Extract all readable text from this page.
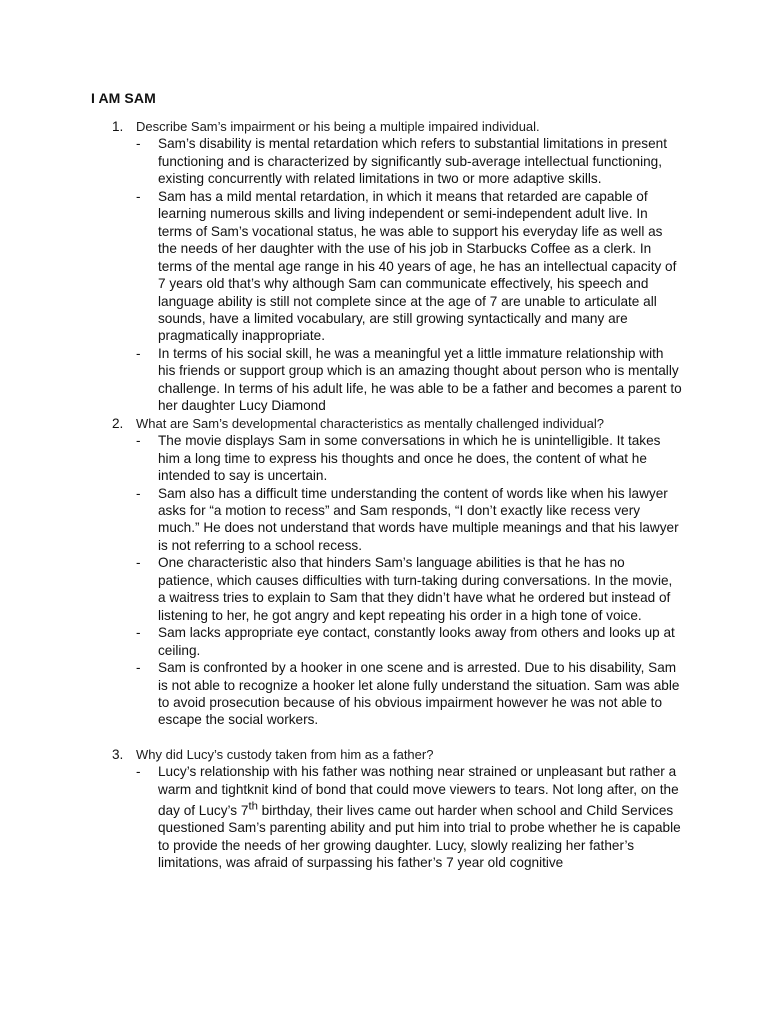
I AM SAM
1. Describe Sam’s impairment or his being a multiple impaired individual.
- Sam’s disability is mental retardation which refers to substantial limitations in present functioning and is characterized by significantly sub-average intellectual functioning, existing concurrently with related limitations in two or more adaptive skills.
- Sam has a mild mental retardation, in which it means that retarded are capable of learning numerous skills and living independent or semi-independent adult live. In terms of Sam’s vocational status, he was able to support his everyday life as well as the needs of her daughter with the use of his job in Starbucks Coffee as a clerk. In terms of the mental age range in his 40 years of age, he has an intellectual capacity of 7 years old that’s why although Sam can communicate effectively, his speech and language ability is still not complete since at the age of 7 are unable to articulate all sounds, have a limited vocabulary, are still growing syntactically and many are pragmatically inappropriate.
- In terms of his social skill, he was a meaningful yet a little immature relationship with his friends or support group which is an amazing thought about person who is mentally challenge. In terms of his adult life, he was able to be a father and becomes a parent to her daughter Lucy Diamond
2. What are Sam’s developmental characteristics as mentally challenged individual?
- The movie displays Sam in some conversations in which he is unintelligible. It takes him a long time to express his thoughts and once he does, the content of what he intended to say is uncertain.
- Sam also has a difficult time understanding the content of words like when his lawyer asks for “a motion to recess” and Sam responds, “I don’t exactly like recess very much.” He does not understand that words have multiple meanings and that his lawyer is not referring to a school recess.
- One characteristic also that hinders Sam’s language abilities is that he has no patience, which causes difficulties with turn-taking during conversations. In the movie, a waitress tries to explain to Sam that they didn’t have what he ordered but instead of listening to her, he got angry and kept repeating his order in a high tone of voice.
- Sam lacks appropriate eye contact, constantly looks away from others and looks up at ceiling.
- Sam is confronted by a hooker in one scene and is arrested. Due to his disability, Sam is not able to recognize a hooker let alone fully understand the situation. Sam was able to avoid prosecution because of his obvious impairment however he was not able to escape the social workers.
3. Why did Lucy’s custody taken from him as a father?
- Lucy’s relationship with his father was nothing near strained or unpleasant but rather a warm and tightknit kind of bond that could move viewers to tears. Not long after, on the day of Lucy’s 7th birthday, their lives came out harder when school and Child Services questioned Sam’s parenting ability and put him into trial to probe whether he is capable to provide the needs of her growing daughter. Lucy, slowly realizing her father’s limitations, was afraid of surpassing his father’s 7 year old cognitive
